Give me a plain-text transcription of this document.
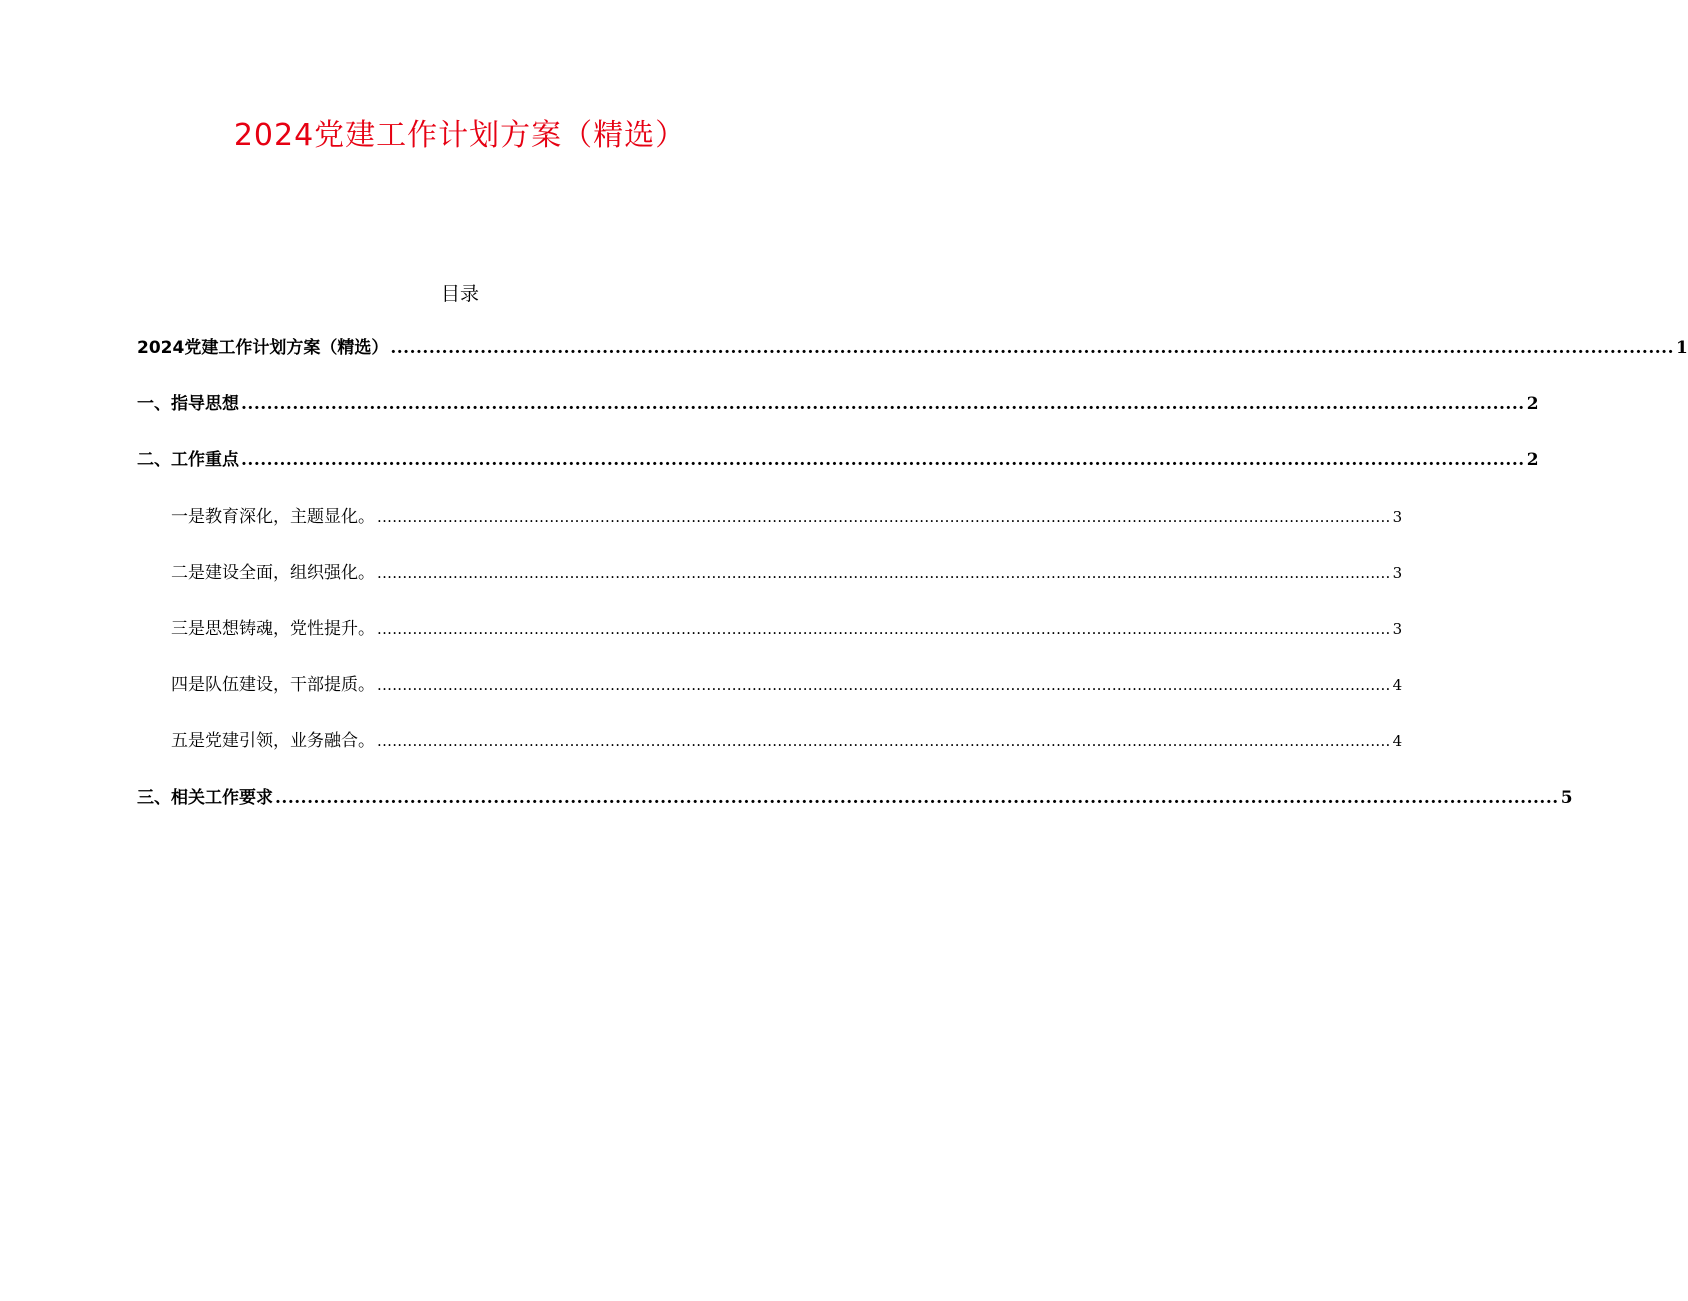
2024党建工作计划方案（精选）
目录
2024党建工作计划方案（精选） ........................................................................................................................................................................................................ 1
一、指导思想 ........................................................................................................................................................................................................ 2
二、工作重点 ........................................................................................................................................................................................................ 2
一是教育深化，主题显化。 ........................................................................................................................................................................................................ 3
二是建设全面，组织强化。 ........................................................................................................................................................................................................ 3
三是思想铸魂，党性提升。 ........................................................................................................................................................................................................ 3
四是队伍建设，干部提质。 ........................................................................................................................................................................................................ 4
五是党建引领，业务融合。 ........................................................................................................................................................................................................ 4
三、相关工作要求 ........................................................................................................................................................................................................ 5
